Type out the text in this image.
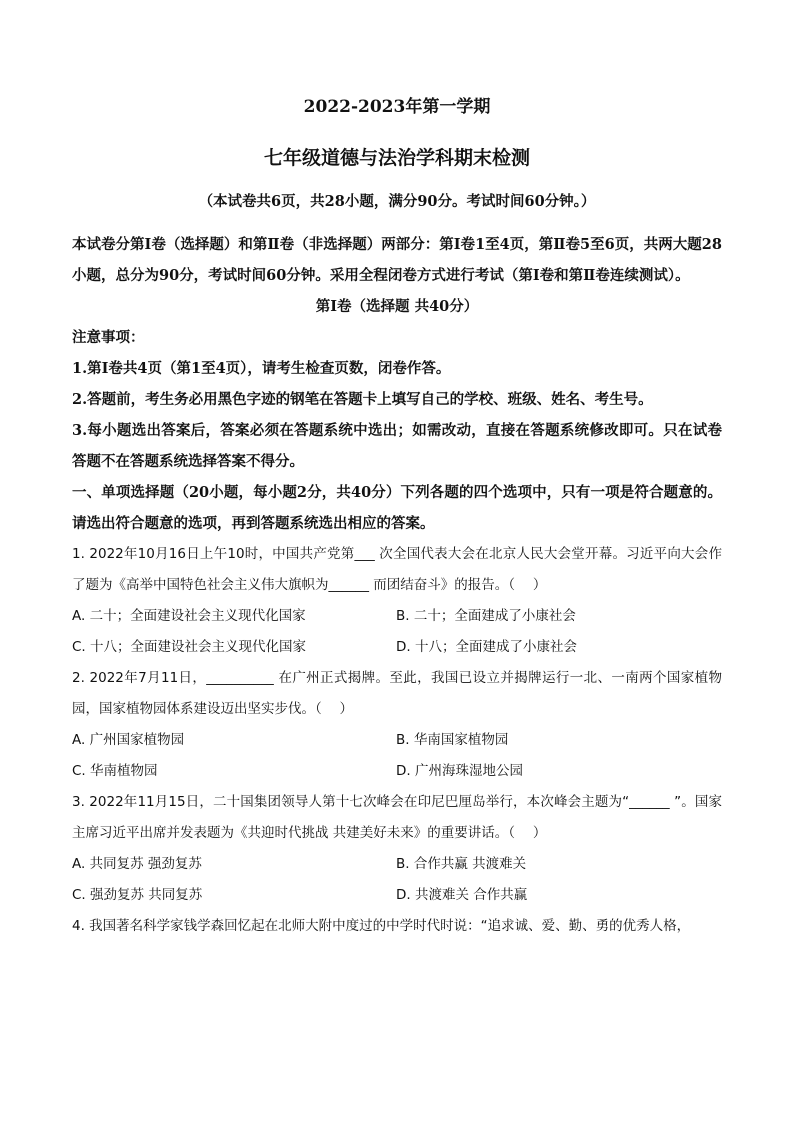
2022-2023年第一学期
七年级道德与法治学科期末检测
（本试卷共6页，共28小题，满分90分。考试时间60分钟。）

本试卷分第Ⅰ卷（选择题）和第Ⅱ卷（非选择题）两部分：第Ⅰ卷1至4页，第Ⅱ卷5至6页，共两大题28 小题，总分为90分，考试时间60分钟。采用全程闭卷方式进行考试（第Ⅰ卷和第Ⅱ卷连续测试）。

第Ⅰ卷（选择题 共40分）

注意事项：

1.第Ⅰ卷共4页（第1至4页），请考生检查页数，闭卷作答。

2.答题前，考生务必用黑色字迹的钢笔在答题卡上填写自己的学校、班级、姓名、考生号。

3.每小题选出答案后，答案必须在答题系统中选出；如需改动，直接在答题系统修改即可。只在试卷答题不在答题系统选择答案不得分。

一、单项选择题（20小题，每小题2分，共40分）下列各题的四个选项中，只有一项是符合题意的。请选出符合题意的选项，再到答题系统选出相应的答案。

1. 2022年10月16日上午10时，中国共产党第___ 次全国代表大会在北京人民大会堂开幕。习近平向大会作了题为《高举中国特色社会主义伟大旗帜为______ 而团结奋斗》的报告。（　 ）

A. 二十；全面建设社会主义现代化国家	B. 二十；全面建成了小康社会
C. 十八；全面建设社会主义现代化国家	D. 十八；全面建成了小康社会

2. 2022年7月11日，__________ 在广州正式揭牌。至此，我国已设立并揭牌运行一北、一南两个国家植物园，国家植物园体系建设迈出坚实步伐。（　 ）

A. 广州国家植物园	B. 华南国家植物园
C. 华南植物园	D. 广州海珠湿地公园

3. 2022年11月15日，二十国集团领导人第十七次峰会在印尼巴厘岛举行，本次峰会主题为“______ ”。国家主席习近平出席并发表题为《共迎时代挑战 共建美好未来》的重要讲话。（　 ）

A. 共同复苏 强劲复苏	B. 合作共赢 共渡难关
C. 强劲复苏 共同复苏	D. 共渡难关 合作共赢

4. 我国著名科学家钱学森回忆起在北师大附中度过的中学时代时说：“追求诚、爱、勤、勇的优秀人格，
